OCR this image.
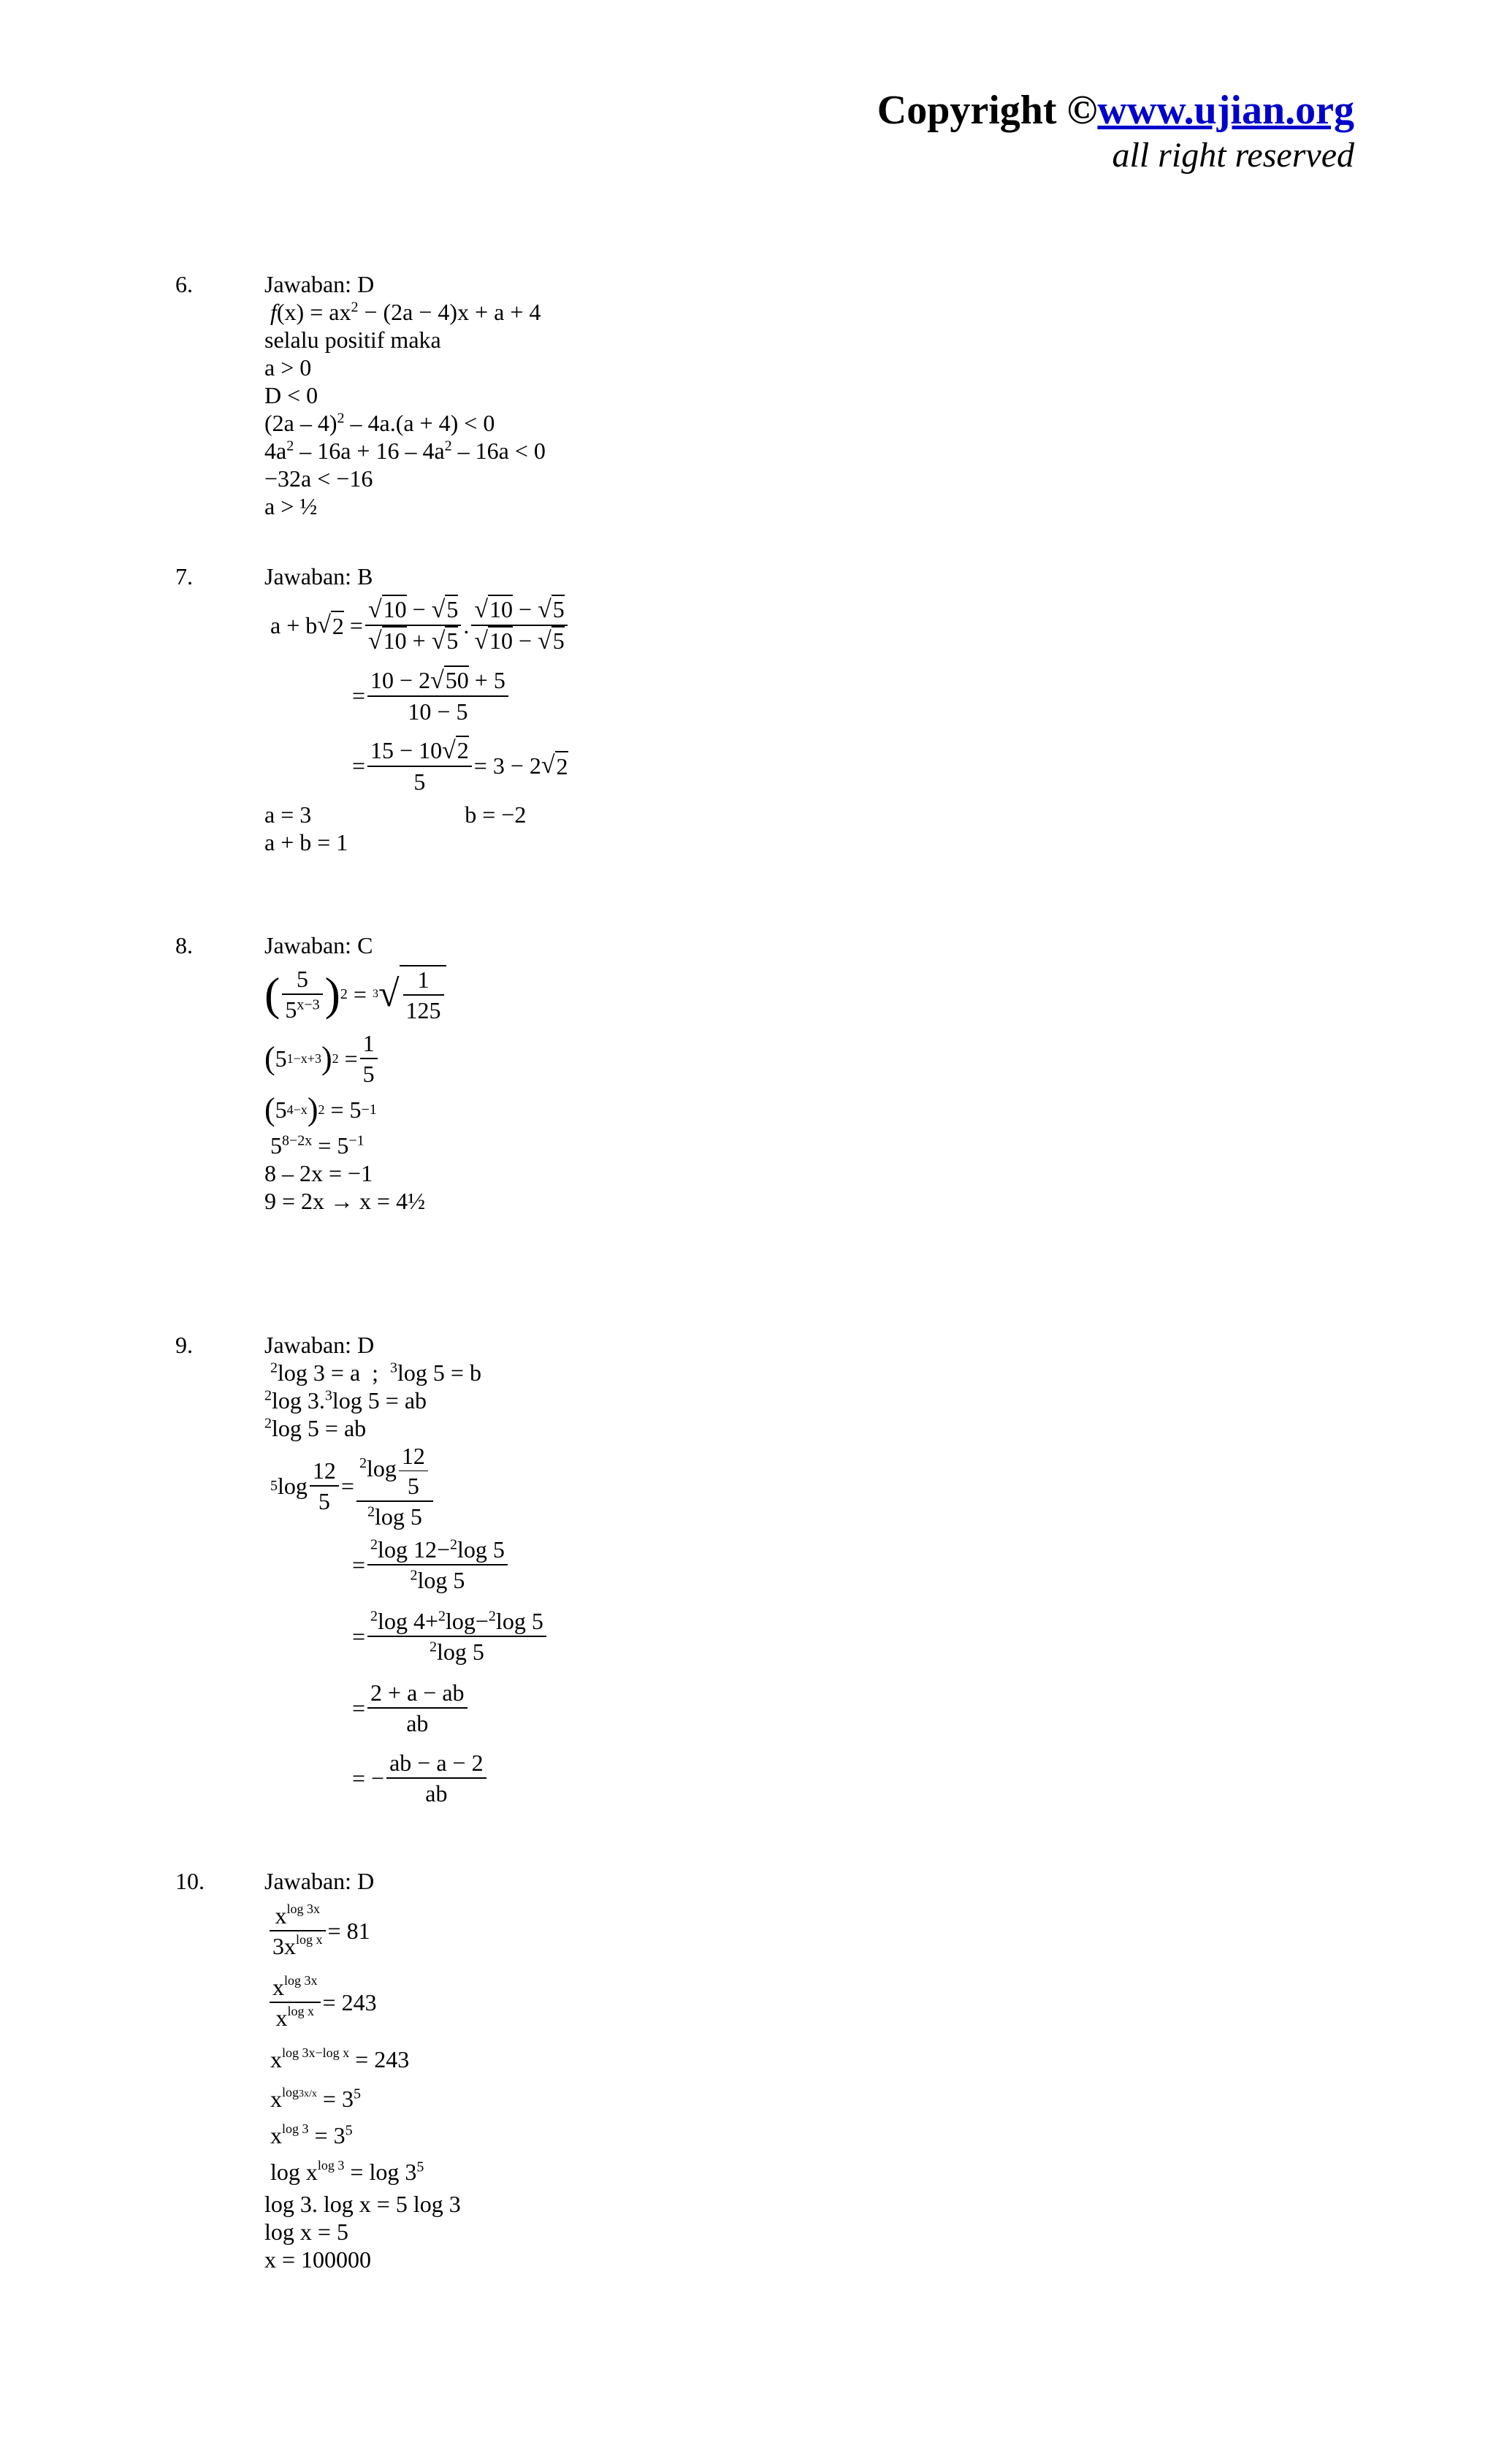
Copyright ©www.ujian.org
all right reserved
6.	Jawaban: D
$f(x) = ax^2 - (2a - 4)x + a + 4$
selalu positif maka
a > 0
D < 0
(2a – 4)$^2$ – 4a.(a + 4) < 0
$4a^2 - 16a + 16 - 4a^2 - 16a < 0$
−32a < −16
a > ½
7.	Jawaban: B
a + b √ $2 = \frac{√10 - √5}{√10 + √5}$ . $\frac{√10 - √5}{√10 - √5}$
= $\frac{10 - 2√50 + 5}{10 - 5}$
= $\frac{15 - 10√2}{5} = 3 - 2$ √ 2
a = 3	b = −2
a + b = 1
8.	Jawaban: C
( $\frac{5}{5^{x-3}}$ ) 2 = 3 √ $\frac{1}{125}$
( 5 1−x+3 ) $2 = \frac{1}{5}$
( 5 4−x ) 2 = 5 −1
$5^{8-2x} = 5^{-1}$
8 – 2x = −1
9 = 2x → x = 4½
9.	Jawaban: D
$^2$log 3 = a  ;  $^3$log 5 = b
$^2$log 3.$^3$log 5 = ab
$^2$log 5 = ab
5 $\log \frac{12}{5} = \frac{^2\log \frac{12}{5}}{^2\log 5}$
= $\frac{^2\log 12-^2\log 5}{^2\log 5}$
= $\frac{^2\log 4+^2\log-^2\log 5}{^2\log 5}$
= $\frac{2 + a - ab}{ab}$
= − $\frac{ab - a - 2}{ab}$
10.	Jawaban: D
$\frac{x^{log 3x}}{3x^{log x}} = 81$
$\frac{x^{log 3x}}{x^{log x}} = 243$
$x^{log 3x-log x} = 243$
$x^{log3x/x} = 3^5$
$x^{log 3} = 3^5$
$\log x^{log 3} = \log 3^5$
log 3. log x = 5 log 3
log x = 5
x = 100000
